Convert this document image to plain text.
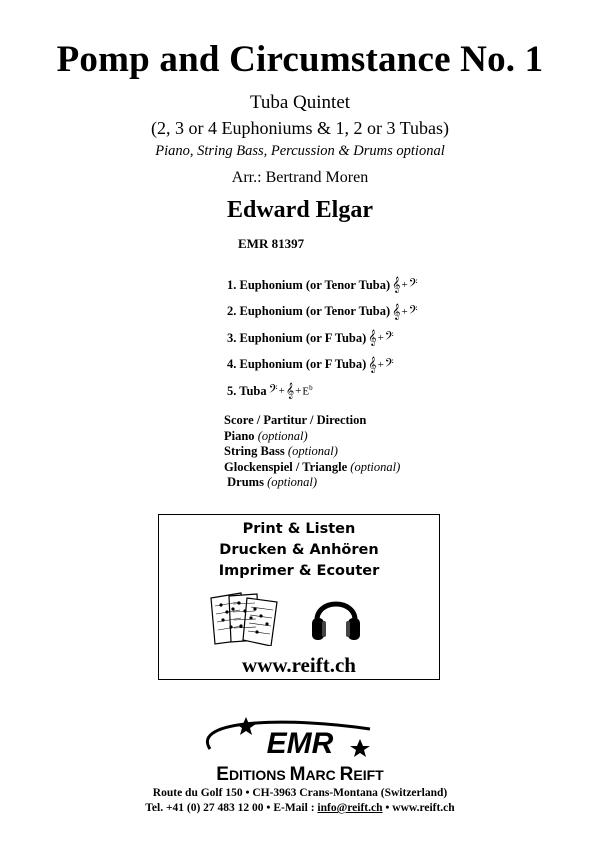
Pomp and Circumstance No. 1
Tuba Quintet
(2, 3 or 4 Euphoniums & 1, 2 or 3 Tubas)
Piano, String Bass, Percussion & Drums optional
Arr.: Bertrand Moren
Edward Elgar
EMR 81397
1. Euphonium (or Tenor Tuba) 𝄞 + 𝄢
2. Euphonium (or Tenor Tuba) 𝄞 + 𝄢
3. Euphonium (or F Tuba) 𝄞 + 𝄢
4. Euphonium (or F Tuba) 𝄞 + 𝄢
5. Tuba 𝄢 + 𝄞 + $E^b$
Score / Partitur / Direction
Piano (optional)
String Bass (optional)
Glockenspiel / Triangle (optional)
Drums (optional)
Print & Listen
Drucken & Anhören
Imprimer & Ecouter
www.reift.ch
EMR
EDITIONS MARC REIFT
Route du Golf 150 • CH-3963 Crans-Montana (Switzerland)
Tel. +41 (0) 27 483 12 00 • E-Mail : info@reift.ch • www.reift.ch
